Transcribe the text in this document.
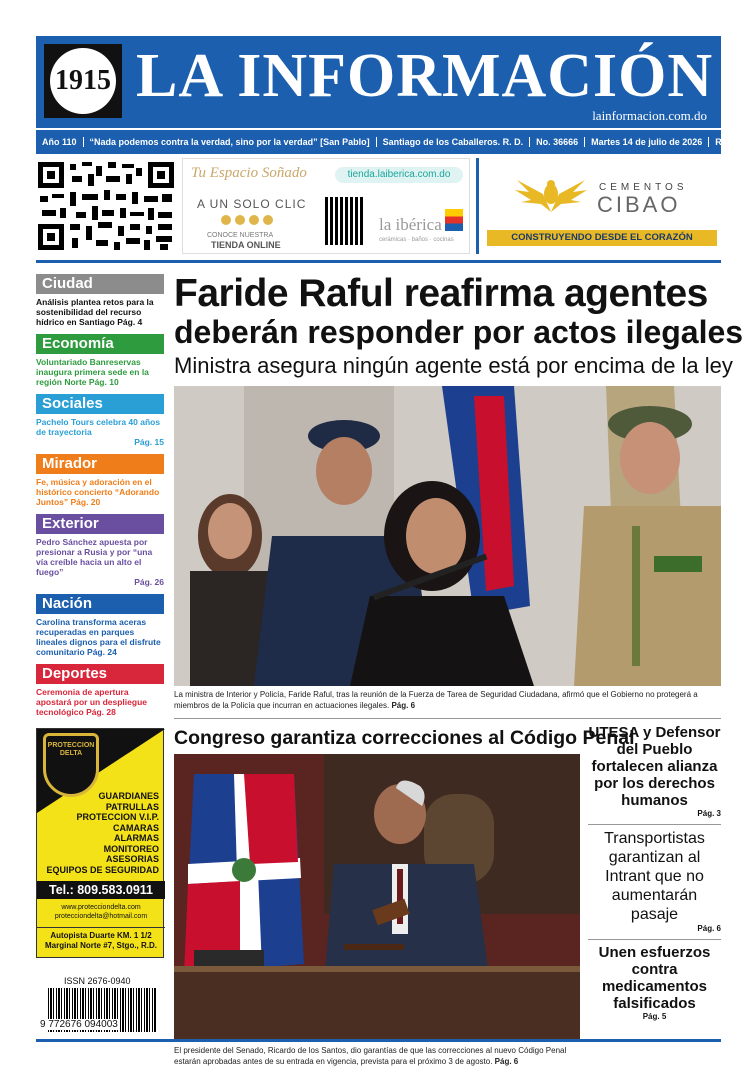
1915 LA INFORMACIÓN
lainformacion.com.do
Año 110	“Nada podemos contra la verdad, sino por la verdad” [San Pablo]	Santiago de los Caballeros. R. D.	No. 36666	Martes 14 de julio de 2026	RD$10
Tu Espacio Soñado
A UN SOLO CLIC
CONOCE NUESTRA
TIENDA ONLINE
tienda.laiberica.com.do
la ibérica
cerámicas · baños · cocinas
CEMENTOS
CIBAO
CONSTRUYENDO DESDE EL CORAZÓN
Ciudad
Análisis plantea retos para la sostenibilidad del recurso hídrico en Santiago Pág. 4
Economía
Voluntariado Banreservas inaugura primera sede en la región Norte Pág. 10
Sociales
Pachelo Tours celebra 40 años de trayectoria
Pág. 15
Mirador
Fe, música y adoración en el histórico concierto “Adorando Juntos” Pág. 20
Exterior
Pedro Sánchez apuesta por presionar a Rusia y por “una vía creíble hacia un alto el fuego”
Pág. 26
Nación
Carolina transforma aceras recuperadas en parques lineales dignos para el disfrute comunitario Pág. 24
Deportes
Ceremonia de apertura apostará por un despliegue tecnológico Pág. 28
PROTECCION DELTA
GUARDIANES
PATRULLAS
PROTECCION V.I.P.
CAMARAS
ALARMAS
MONITOREO
ASESORIAS
EQUIPOS DE SEGURIDAD
Tel.: 809.583.0911
www.protecciondelta.com
protecciondelta@hotmail.com
Autopista Duarte KM. 1 1/2
Marginal Norte #7, Stgo., R.D.
ISSN 2676-0940
9 772676 094003
Faride Raful reafirma agentes
deberán responder por actos ilegales
Ministra asegura ningún agente está por encima de la ley
La ministra de Interior y Policía, Faride Raful, tras la reunión de la Fuerza de Tarea de Seguridad Ciudadana, afirmó que el Gobierno no protegerá a miembros de la Policía que incurran en actuaciones ilegales. Pág. 6
Congreso garantiza correcciones al Código Penal
El presidente del Senado, Ricardo de los Santos, dio garantías de que las correcciones al nuevo Código Penal estarán aprobadas antes de su entrada en vigencia, prevista para el próximo 3 de agosto. Pág. 6
UTESA y Defensor del Pueblo fortalecen alianza por los derechos humanos
Pág. 3
Transportistas garantizan al Intrant que no aumentarán pasaje
Pág. 6
Unen esfuerzos contra medicamentos falsificados
Pág. 5
